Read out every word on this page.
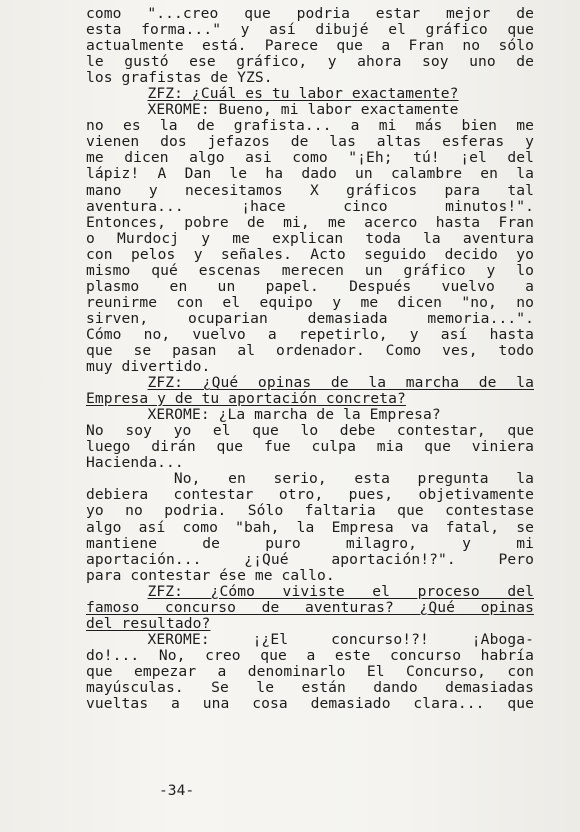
como "...creo que podria estar mejor de
esta forma..." y así dibujé el gráfico que
actualmente está. Parece que a Fran no sólo
le gustó ese gráfico, y ahora soy uno de
los grafistas de YZS.
ZFZ: ¿Cuál es tu labor exactamente?
XEROME: Bueno, mi labor exactamente
no es la de grafista... a mi más bien me
vienen dos jefazos de las altas esferas y
me dicen algo asi como "¡Eh; tú! ¡el del
lápiz! A Dan le ha dado un calambre en la
mano y necesitamos X gráficos para tal
aventura... ¡hace cinco minutos!".
Entonces, pobre de mi, me acerco hasta Fran
o Murdocj y me explican toda la aventura
con pelos y señales. Acto seguido decido yo
mismo qué escenas merecen un gráfico y lo
plasmo en un papel. Después vuelvo a
reunirme con el equipo y me dicen "no, no
sirven, ocuparian demasiada memoria...".
Cómo no, vuelvo a repetirlo, y así hasta
que se pasan al ordenador. Como ves, todo
muy divertido.
ZFZ: ¿Qué opinas de la marcha de la
Empresa y de tu aportación concreta?
XEROME: ¿La marcha de la Empresa?
No soy yo el que lo debe contestar, que
luego dirán que fue culpa mia que viniera
Hacienda...
No, en serio, esta pregunta la
debiera contestar otro, pues, objetivamente
yo no podria. Sólo faltaria que contestase
algo así como "bah, la Empresa va fatal, se
mantiene de puro milagro, y mi
aportación... ¿¡Qué aportación!?". Pero
para contestar ése me callo.
ZFZ: ¿Cómo viviste el proceso del
famoso concurso de aventuras? ¿Qué opinas
del resultado?
XEROME: ¡¿El concurso!?! ¡Aboga-
do!... No, creo que a este concurso habría
que empezar a denominarlo El Concurso, con
mayúsculas. Se le están dando demasiadas
vueltas a una cosa demasiado clara... que
-34-
